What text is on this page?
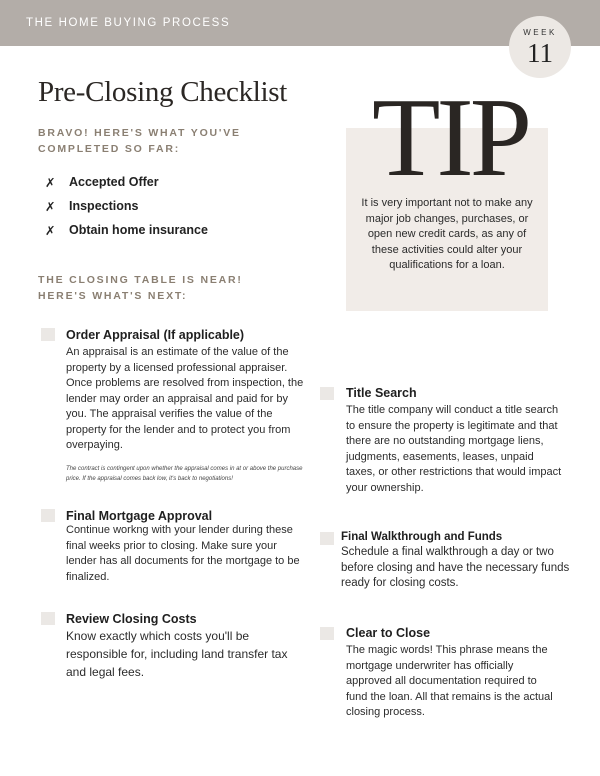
THE HOME BUYING PROCESS
WEEK
11
Pre-Closing Checklist
BRAVO! HERE'S WHAT YOU'VE
COMPLETED SO FAR:
✗ Accepted Offer
✗ Inspections
✗ Obtain home insurance
THE CLOSING TABLE IS NEAR!
HERE'S WHAT'S NEXT:
TIP
It is very important not to make any major job changes, purchases, or open new credit cards, as any of these activities could alter your qualifications for a loan.
Order Appraisal (If applicable)
An appraisal is an estimate of the value of the property by a licensed professional appraiser. Once problems are resolved from inspection, the lender may order an appraisal and paid for by you. The appraisal verifies the value of the property for the lender and to protect you from overpaying.
The contract is contingent upon whether the appraisal comes in at or above the purchase price. If the appraisal comes back low, it's back to negotiations!
Final Mortgage Approval
Continue workng with your lender during these final weeks prior to closing. Make sure your lender has all documents for the mortgage to be finalized.
Review Closing Costs
Know exactly which costs you'll be responsible for, including land transfer tax and legal fees.
Title Search
The title company will conduct a title search to ensure the property is legitimate and that there are no outstanding mortgage liens, judgments, easements, leases, unpaid taxes, or other restrictions that would impact your ownership.
Final Walkthrough and Funds
Schedule a final walkthrough a day or two before closing and have the necessary funds ready for closing costs.
Clear to Close
The magic words! This phrase means the mortgage underwriter has officially approved all documentation required to fund the loan. All that remains is the actual closing process.
